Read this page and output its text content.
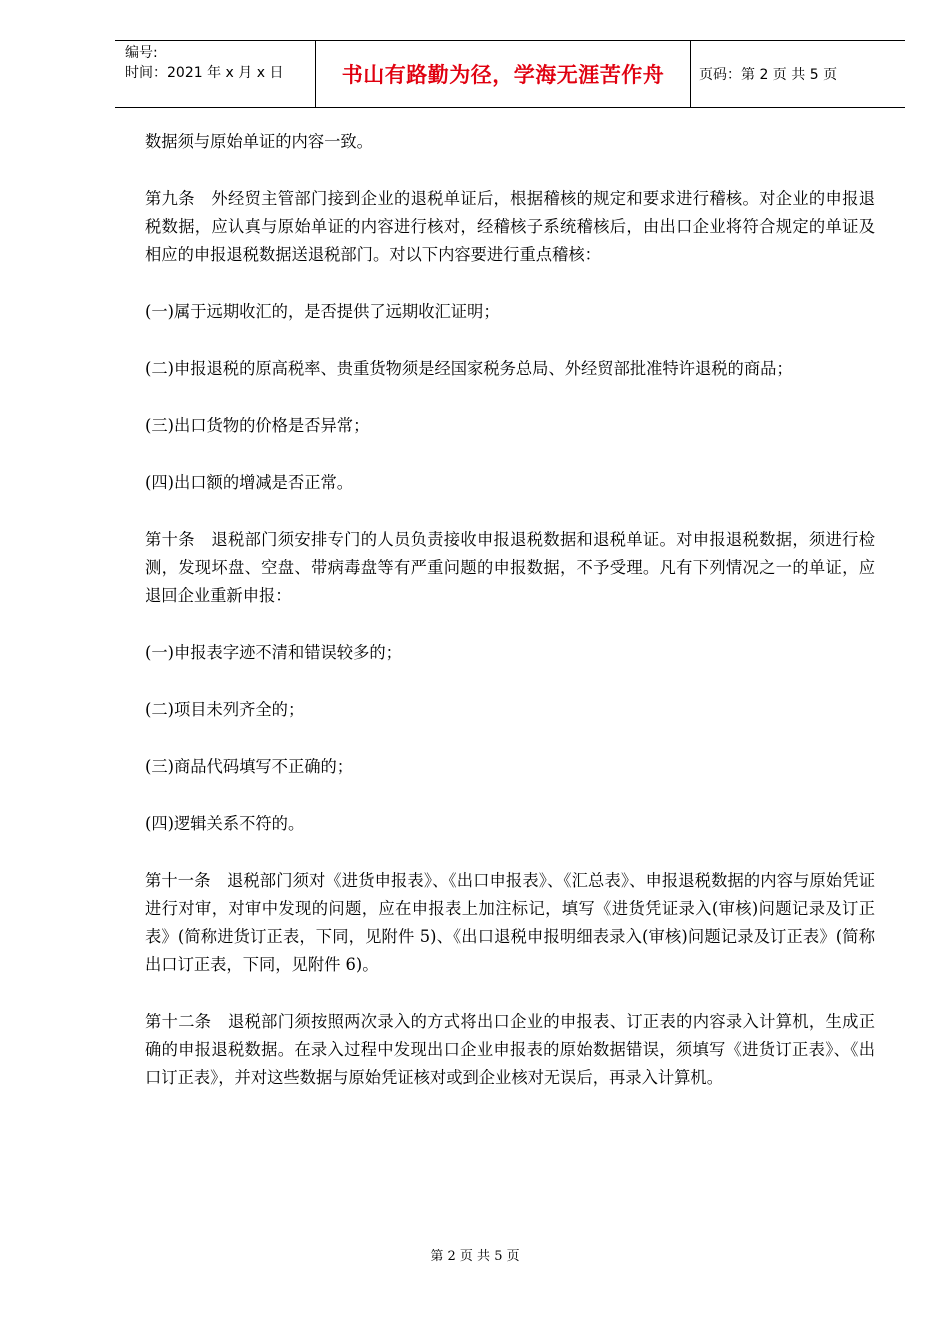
编号:
时间：2021 年 x 月 x 日	书山有路勤为径，学海无涯苦作舟 页码：第 2 页 共 5 页

数据须与原始单证的内容一致。

第九条　外经贸主管部门接到企业的退税单证后，根据稽核的规定和要求进行稽核。对企业的申报退税数据，应认真与原始单证的内容进行核对，经稽核子系统稽核后，由出口企业将符合规定的单证及相应的申报退税数据送退税部门。对以下内容要进行重点稽核：

(一)属于远期收汇的，是否提供了远期收汇证明；

(二)申报退税的原高税率、贵重货物须是经国家税务总局、外经贸部批准特许退税的商品；

(三)出口货物的价格是否异常；

(四)出口额的增减是否正常。

第十条　退税部门须安排专门的人员负责接收申报退税数据和退税单证。对申报退税数据，须进行检测，发现坏盘、空盘、带病毒盘等有严重问题的申报数据，不予受理。凡有下列情况之一的单证，应退回企业重新申报：

(一)申报表字迹不清和错误较多的；

(二)项目未列齐全的；

(三)商品代码填写不正确的；

(四)逻辑关系不符的。

第十一条　退税部门须对《进货申报表》、《出口申报表》、《汇总表》、申报退税数据的内容与原始凭证进行对审，对审中发现的问题，应在申报表上加注标记，填写《进货凭证录入(审核)问题记录及订正表》(简称进货订正表，下同，见附件 5)、《出口退税申报明细表录入(审核)问题记录及订正表》(简称出口订正表，下同，见附件 6)。

第十二条　退税部门须按照两次录入的方式将出口企业的申报表、订正表的内容录入计算机，生成正确的申报退税数据。在录入过程中发现出口企业申报表的原始数据错误，须填写《进货订正表》、《出口订正表》，并对这些数据与原始凭证核对或到企业核对无误后，再录入计算机。

第 2 页 共 5 页
